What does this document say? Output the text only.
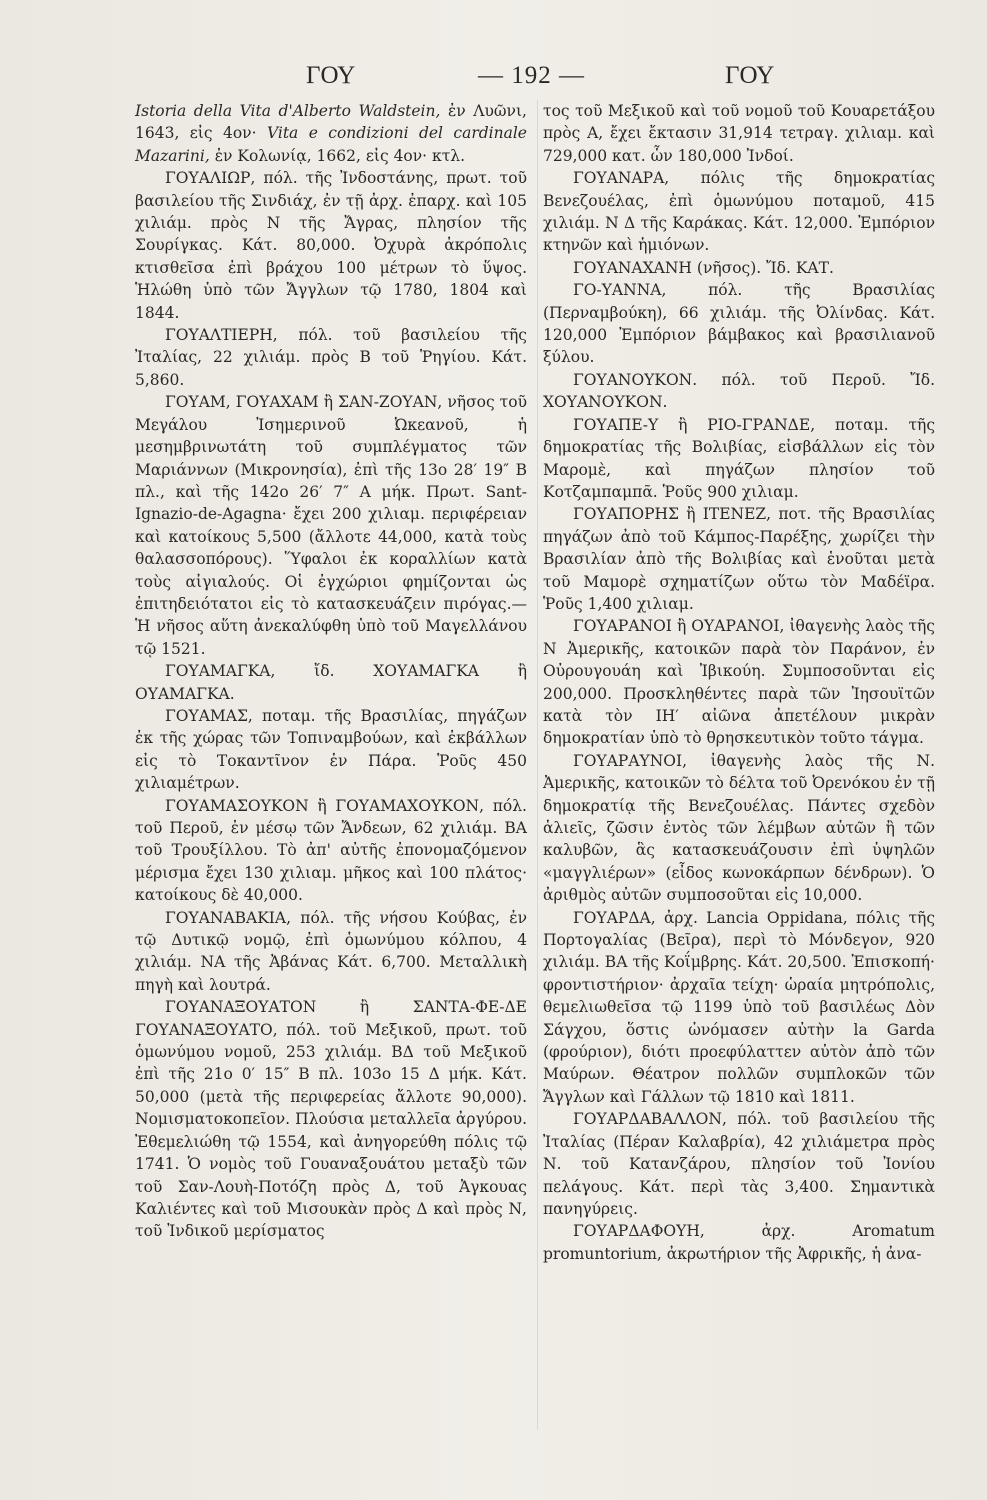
ΓΟΥ	— 192 —	ΓΟΥ

Istoria della Vita d'Alberto Waldstein, ἐν Λυῶνι, 1643, εἰς 4ον· Vita e condizioni del cardinale Mazarini, ἐν Κολωνίᾳ, 1662, εἰς 4ον· κτλ.

ΓΟΥΑΛΙΩΡ, πόλ. τῆς Ἰνδοστάνης, πρωτ. τοῦ βασιλείου τῆς Σινδιάχ, ἐν τῇ ἀρχ. ἐπαρχ. καὶ 105 χιλιάμ. πρὸς Ν τῆς Ἄγρας, πλησίον τῆς Σουρίγκας. Κάτ. 80,000. Ὀχυρὰ ἀκρόπολις κτισθεῖσα ἐπὶ βράχου 100 μέτρων τὸ ὕψος. Ἡλώθη ὑπὸ τῶν Ἄγγλων τῷ 1780, 1804 καὶ 1844.

ΓΟΥΑΛΤΙΕΡΗ, πόλ. τοῦ βασιλείου τῆς Ἰταλίας, 22 χιλιάμ. πρὸς Β τοῦ Ῥηγίου. Κάτ. 5,860.

ΓΟΥΑΜ, ΓΟΥΑΧΑΜ ἢ ΣΑΝ-ΖΟΥΑΝ, νῆσος τοῦ Μεγάλου Ἰσημερινοῦ Ὠκεανοῦ, ἡ μεσημβρινωτάτη τοῦ συμπλέγματος τῶν Μαριάννων (Μικρονησία), ἐπὶ τῆς 13ο 28′ 19″ Β πλ., καὶ τῆς 142ο 26′ 7″ Α μήκ. Πρωτ. Sant-Ignazio-de-Agagna· ἔχει 200 χιλιαμ. περιφέρειαν καὶ κατοίκους 5,500 (ἄλλοτε 44,000, κατὰ τοὺς θαλασσοπόρους). Ὕφαλοι ἐκ κοραλλίων κατὰ τοὺς αἰγιαλούς. Οἱ ἐγχώριοι φημίζονται ὡς ἐπιτηδειότατοι εἰς τὸ κατασκευάζειν πιρόγας.—Ἡ νῆσος αὕτη ἀνεκαλύφθη ὑπὸ τοῦ Μαγελλάνου τῷ 1521.

ΓΟΥΑΜΑΓΚΑ, ἴδ. ΧΟΥΑΜΑΓΚΑ ἢ ΟΥΑΜΑΓΚΑ.

ΓΟΥΑΜΑΣ, ποταμ. τῆς Βρασιλίας, πηγάζων ἐκ τῆς χώρας τῶν Τοπιναμβούων, καὶ ἐκβάλλων εἰς τὸ Τοκαντῖνον ἐν Πάρα. Ῥοῦς 450 χιλιαμέτρων.

ΓΟΥΑΜΑΣΟΥΚΟΝ ἢ ΓΟΥΑΜΑΧΟΥΚΟΝ, πόλ. τοῦ Περοῦ, ἐν μέσῳ τῶν Ἄνδεων, 62 χιλιάμ. ΒΑ τοῦ Τρουξίλλου. Τὸ ἀπ' αὐτῆς ἐπονομαζόμενον μέρισμα ἔχει 130 χιλιαμ. μῆκος καὶ 100 πλάτος· κατοίκους δὲ 40,000.

ΓΟΥΑΝΑΒΑΚΙΑ, πόλ. τῆς νήσου Κούβας, ἐν τῷ Δυτικῷ νομῷ, ἐπὶ ὁμωνύμου κόλπου, 4 χιλιάμ. ΝΑ τῆς Ἀβάνας Κάτ. 6,700. Μεταλλικὴ πηγὴ καὶ λουτρά.

ΓΟΥΑΝΑΞΟΥΑΤΟΝ ἢ ΣΑΝΤΑ-ΦΕ-ΔΕ ΓΟΥΑΝΑΞΟΥΑΤΟ, πόλ. τοῦ Μεξικοῦ, πρωτ. τοῦ ὁμωνύμου νομοῦ, 253 χιλιάμ. ΒΔ τοῦ Μεξικοῦ ἐπὶ τῆς 21ο 0′ 15″ Β πλ. 103ο 15 Δ μήκ. Κάτ. 50,000 (μετὰ τῆς περιφερείας ἄλλοτε 90,000). Νομισματοκοπεῖον. Πλούσια μεταλλεῖα ἀργύρου. Ἐθεμελιώθη τῷ 1554, καὶ ἀνηγορεύθη πόλις τῷ 1741. Ὁ νομὸς τοῦ Γουαναξουάτου μεταξὺ τῶν τοῦ Σαν-Λουὴ-Ποτόζη πρὸς Δ, τοῦ Ἀγκουας Καλιέντες καὶ τοῦ Μισουκὰν πρὸς Δ καὶ πρὸς Ν, τοῦ Ἰνδικοῦ μερίσματος

τος τοῦ Μεξικοῦ καὶ τοῦ νομοῦ τοῦ Κουαρετάξου πρὸς Α, ἔχει ἔκτασιν 31,914 τετραγ. χιλιαμ. καὶ 729,000 κατ. ὧν 180,000 Ἰνδοί.

ΓΟΥΑΝΑΡΑ, πόλις τῆς δημοκρατίας Βενεζουέλας, ἐπὶ ὁμωνύμου ποταμοῦ, 415 χιλιάμ. Ν Δ τῆς Καράκας. Κάτ. 12,000. Ἐμπόριον κτηνῶν καὶ ἡμιόνων.

ΓΟΥΑΝΑΧΑΝΗ (νῆσος). Ἴδ. ΚΑΤ.

ΓΟ-ΥΑΝΝΑ,	πόλ. τῆς Βρασιλίας (Περναμβούκη), 66 χιλιάμ. τῆς Ὀλίνδας. Κάτ. 120,000 Ἐμπόριον βάμβακος καὶ βρασιλιανοῦ ξύλου.

ΓΟΥΑΝΟΥΚΟΝ. πόλ. τοῦ Περοῦ. Ἴδ. ΧΟΥΑΝΟΥΚΟΝ.

ΓΟΥΑΠΕ-Υ ἢ ΡΙΟ-ΓΡΑΝΔΕ, ποταμ. τῆς δημοκρατίας τῆς Βολιβίας, εἰσβάλλων εἰς τὸν Μαρομὲ, καὶ πηγάζων πλησίον τοῦ Κοτζαμπαμπᾶ. Ῥοῦς 900 χιλιαμ.

ΓΟΥΑΠΟΡΗΣ ἢ ΙΤΕΝΕΖ, ποτ. τῆς Βρασιλίας πηγάζων ἀπὸ τοῦ Κάμπος-Παρέξης, χωρίζει τὴν Βρασιλίαν ἀπὸ τῆς Βολιβίας καὶ ἑνοῦται μετὰ τοῦ Μαμορὲ σχηματίζων οὕτω τὸν Μαδέϊρα. Ῥοῦς 1,400 χιλιαμ.

ΓΟΥΑΡΑΝΟΙ ἢ ΟΥΑΡΑΝΟΙ, ἰθαγενὴς λαὸς τῆς Ν Ἀμερικῆς, κατοικῶν παρὰ τὸν Παράνον, ἐν Οὐρουγουάη καὶ Ἰβικούη. Συμποσοῦνται εἰς 200,000. Προσκληθέντες παρὰ τῶν Ἰησουϊτῶν κατὰ τὸν ΙΗ′ αἰῶνα ἀπετέλουν μικρὰν δημοκρατίαν ὑπὸ τὸ θρησκευτικὸν τοῦτο τάγμα.

ΓΟΥΑΡΑΥΝΟΙ, ἰθαγενὴς λαὸς τῆς Ν. Ἀμερικῆς, κατοικῶν τὸ δέλτα τοῦ Ὀρενόκου ἐν τῇ δημοκρατίᾳ τῆς Βενεζουέλας. Πάντες σχεδὸν ἁλιεῖς, ζῶσιν ἐντὸς τῶν λέμβων αὐτῶν ἢ τῶν καλυβῶν, ἃς κατασκευάζουσιν ἐπὶ ὑψηλῶν «μαγγλιέρων» (εἶδος κωνοκάρπων δένδρων). Ὁ ἀριθμὸς αὐτῶν συμποσοῦται εἰς 10,000.

ΓΟΥΑΡΔΑ, ἀρχ. Lancia Oppidana, πόλις τῆς Πορτογαλίας (Βεῖρα), περὶ τὸ Μόνδεγον, 920 χιλιάμ. ΒΑ τῆς Κοΐμβρης. Κάτ. 20,500. Ἐπισκοπή· φροντιστήριον· ἀρχαῖα τείχη· ὡραία μητρόπολις, θεμελιωθεῖσα τῷ 1199 ὑπὸ τοῦ βασιλέως Δὸν Σάγχου, ὅστις ὠνόμασεν αὐτὴν la Garda (φρούριον), διότι προεφύλαττεν αὐτὸν ἀπὸ τῶν Μαύρων. Θέατρον πολλῶν συμπλοκῶν τῶν Ἄγγλων καὶ Γάλλων τῷ 1810 καὶ 1811.

ΓΟΥΑΡΔΑΒΑΛΛΟΝ, πόλ. τοῦ βασιλείου τῆς Ἰταλίας (Πέραν Καλαβρία), 42 χιλιάμετρα πρὸς Ν. τοῦ Κατανζάρου, πλησίον τοῦ Ἰονίου πελάγους. Κάτ. περὶ τὰς 3,400. Σημαντικὰ πανηγύρεις.

ΓΟΥΑΡΔΑΦΟΥΗ,	ἀρχ. Aromatum promuntorium, ἀκρωτήριον τῆς Ἀφρικῆς, ἡ ἀνα-
